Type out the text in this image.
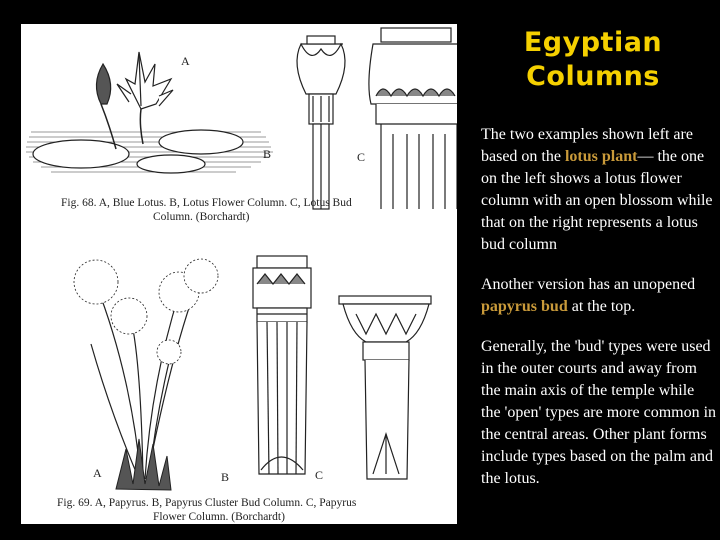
A
B	C
Fig. 68. A, Blue Lotus. B, Lotus Flower Column. C, Lotus Bud
Column. (Borchardt)
A	B	C
Fig. 69. A, Papyrus. B, Papyrus Cluster Bud Column. C, Papyrus
Flower Column. (Borchardt)
Egyptian
Columns

The two examples shown left are based on the lotus plant— the one on the left shows a lotus flower column with an open blossom while that on the right represents a lotus bud column

Another version has an unopened papyrus bud at the top.

Generally, the 'bud' types were used in the outer courts and away from the main axis of the temple while the 'open' types are more common in the central areas. Other plant forms include types based on the palm and the lotus.
